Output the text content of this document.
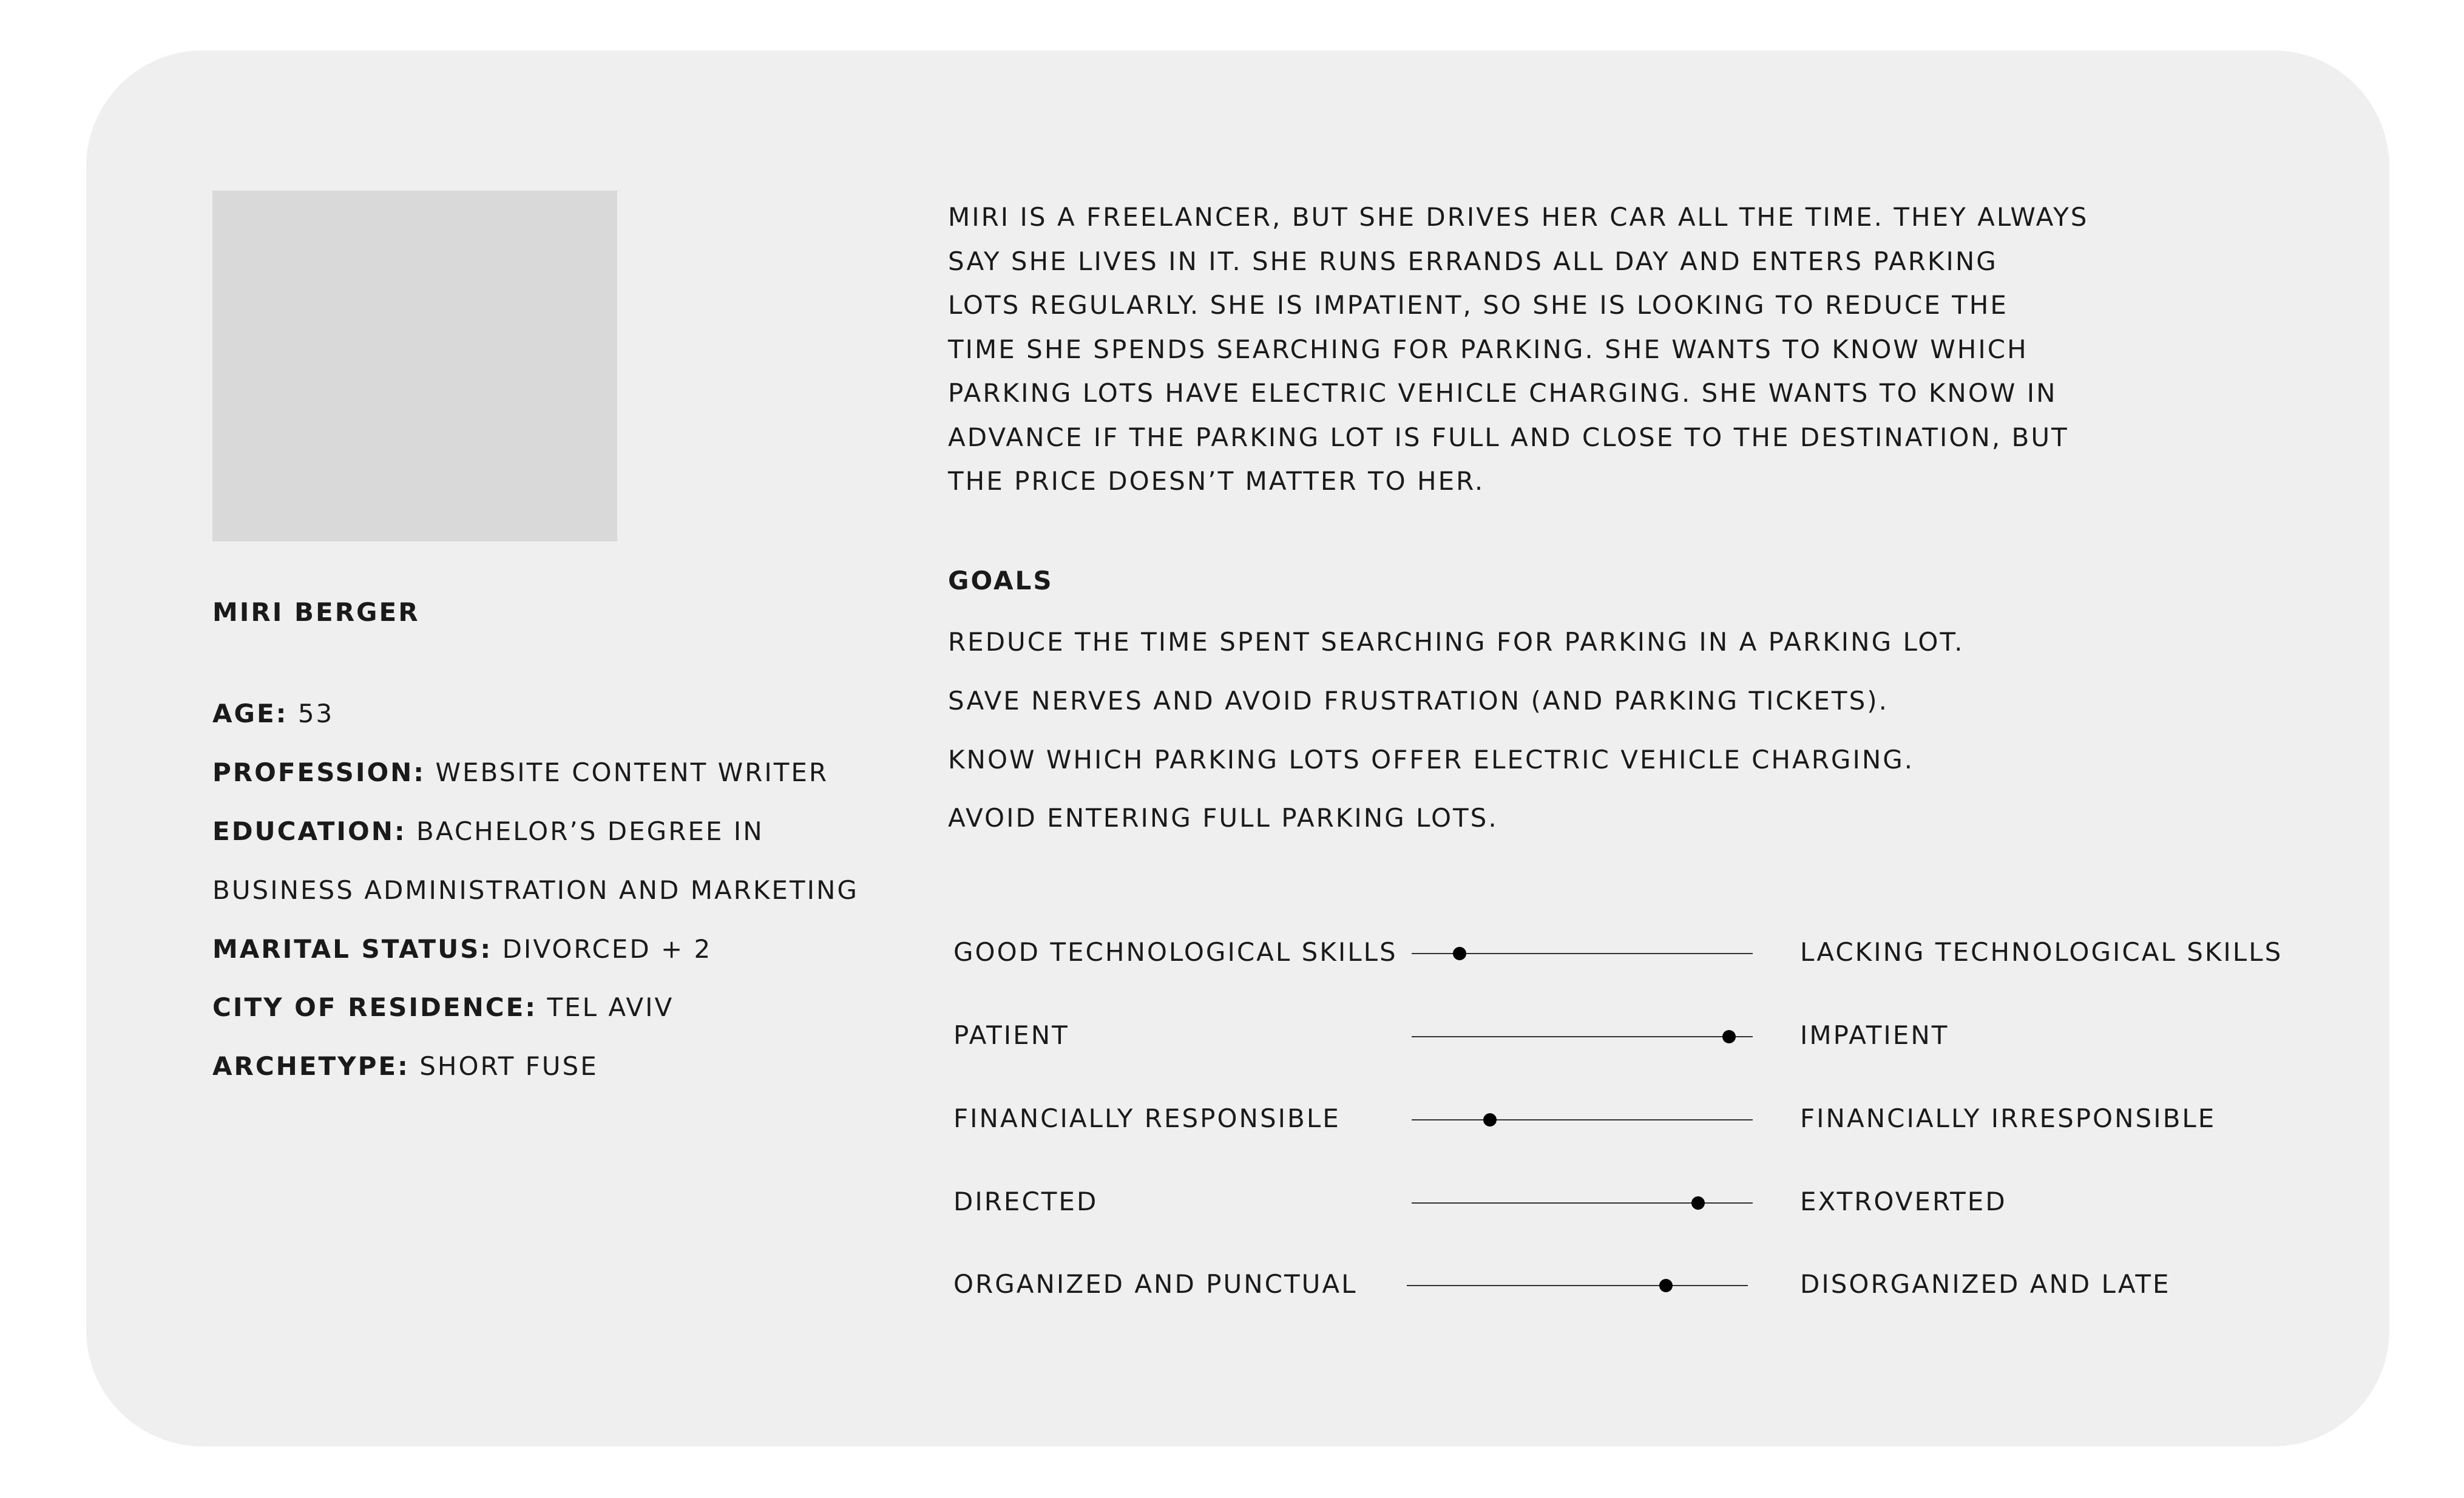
MIRI BERGER
AGE: 53
PROFESSION: WEBSITE CONTENT WRITER
EDUCATION: BACHELOR’S DEGREE IN
BUSINESS ADMINISTRATION AND MARKETING
MARITAL STATUS: DIVORCED + 2
CITY OF RESIDENCE: TEL AVIV
ARCHETYPE: SHORT FUSE
MIRI IS A FREELANCER, BUT SHE DRIVES HER CAR ALL THE TIME. THEY ALWAYS
SAY SHE LIVES IN IT. SHE RUNS ERRANDS ALL DAY AND ENTERS PARKING
LOTS REGULARLY. SHE IS IMPATIENT, SO SHE IS LOOKING TO REDUCE THE
TIME SHE SPENDS SEARCHING FOR PARKING. SHE WANTS TO KNOW WHICH
PARKING LOTS HAVE ELECTRIC VEHICLE CHARGING. SHE WANTS TO KNOW IN
ADVANCE IF THE PARKING LOT IS FULL AND CLOSE TO THE DESTINATION, BUT
THE PRICE DOESN’T MATTER TO HER.
GOALS
REDUCE THE TIME SPENT SEARCHING FOR PARKING IN A PARKING LOT.
SAVE NERVES AND AVOID FRUSTRATION (AND PARKING TICKETS).
KNOW WHICH PARKING LOTS OFFER ELECTRIC VEHICLE CHARGING.
AVOID ENTERING FULL PARKING LOTS.
GOOD TECHNOLOGICAL SKILLS	LACKING TECHNOLOGICAL SKILLS
PATIENT	IMPATIENT
FINANCIALLY RESPONSIBLE	FINANCIALLY IRRESPONSIBLE
DIRECTED	EXTROVERTED
ORGANIZED AND PUNCTUAL	DISORGANIZED AND LATE
